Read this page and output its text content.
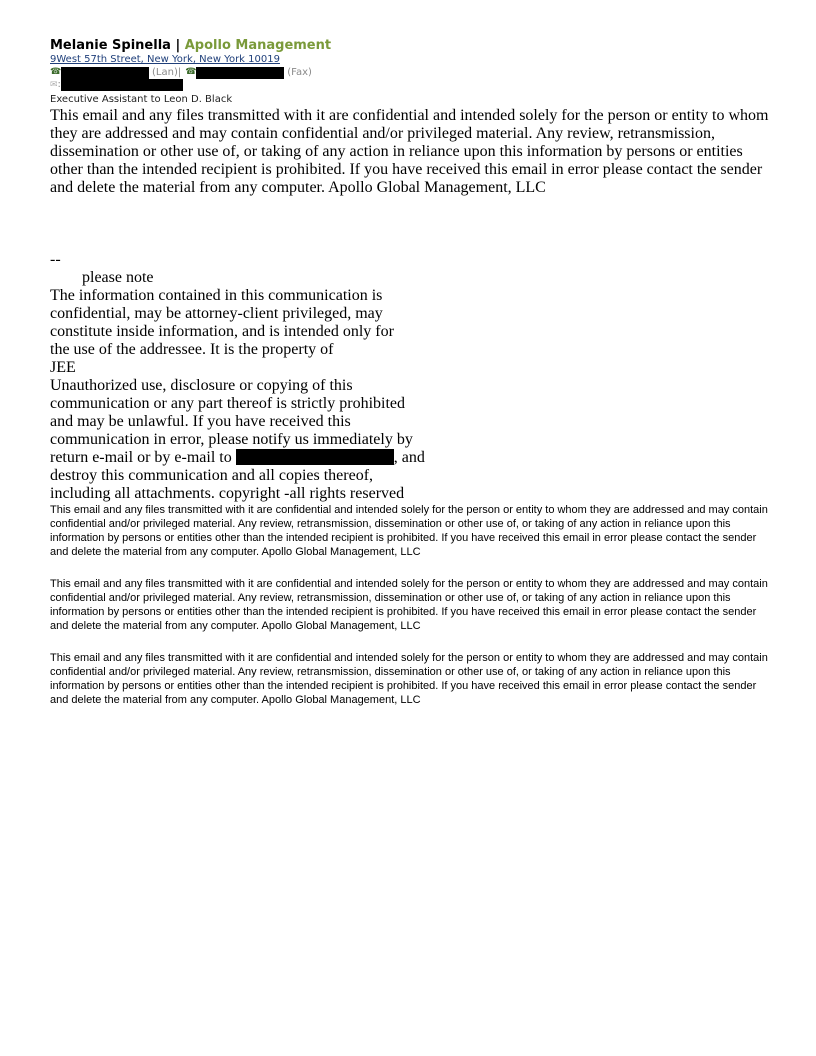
Melanie Spinella | Apollo Management
9West 57th Street, New York, New York 10019
☎	(Lan)| ☎	(Fax)
✉ :
Executive Assistant to Leon D. Black
This email and any files transmitted with it are confidential and intended solely for the person or entity to whom they are addressed and may contain confidential and/or privileged material. Any review, retransmission, dissemination or other use of, or taking of any action in reliance upon this information by persons or entities other than the intended recipient is prohibited. If you have received this email in error please contact the sender and delete the material from any computer. Apollo Global Management, LLC
--
please note
The information contained in this communication is
confidential, may be attorney-client privileged, may
constitute inside information, and is intended only for
the use of the addressee. It is the property of
JEE
Unauthorized use, disclosure or copying of this
communication or any part thereof is strictly prohibited
and may be unlawful. If you have received this
communication in error, please notify us immediately by
return e-mail or by e-mail to	, and
destroy this communication and all copies thereof,
including all attachments. copyright -all rights reserved
This email and any files transmitted with it are confidential and intended solely for the person or entity to whom they are addressed and may contain confidential and/or privileged material. Any review, retransmission, dissemination or other use of, or taking of any action in reliance upon this information by persons or entities other than the intended recipient is prohibited. If you have received this email in error please contact the sender and delete the material from any computer. Apollo Global Management, LLC
This email and any files transmitted with it are confidential and intended solely for the person or entity to whom they are addressed and may contain confidential and/or privileged material. Any review, retransmission, dissemination or other use of, or taking of any action in reliance upon this information by persons or entities other than the intended recipient is prohibited. If you have received this email in error please contact the sender and delete the material from any computer. Apollo Global Management, LLC
This email and any files transmitted with it are confidential and intended solely for the person or entity to whom they are addressed and may contain confidential and/or privileged material. Any review, retransmission, dissemination or other use of, or taking of any action in reliance upon this information by persons or entities other than the intended recipient is prohibited. If you have received this email in error please contact the sender and delete the material from any computer. Apollo Global Management, LLC
